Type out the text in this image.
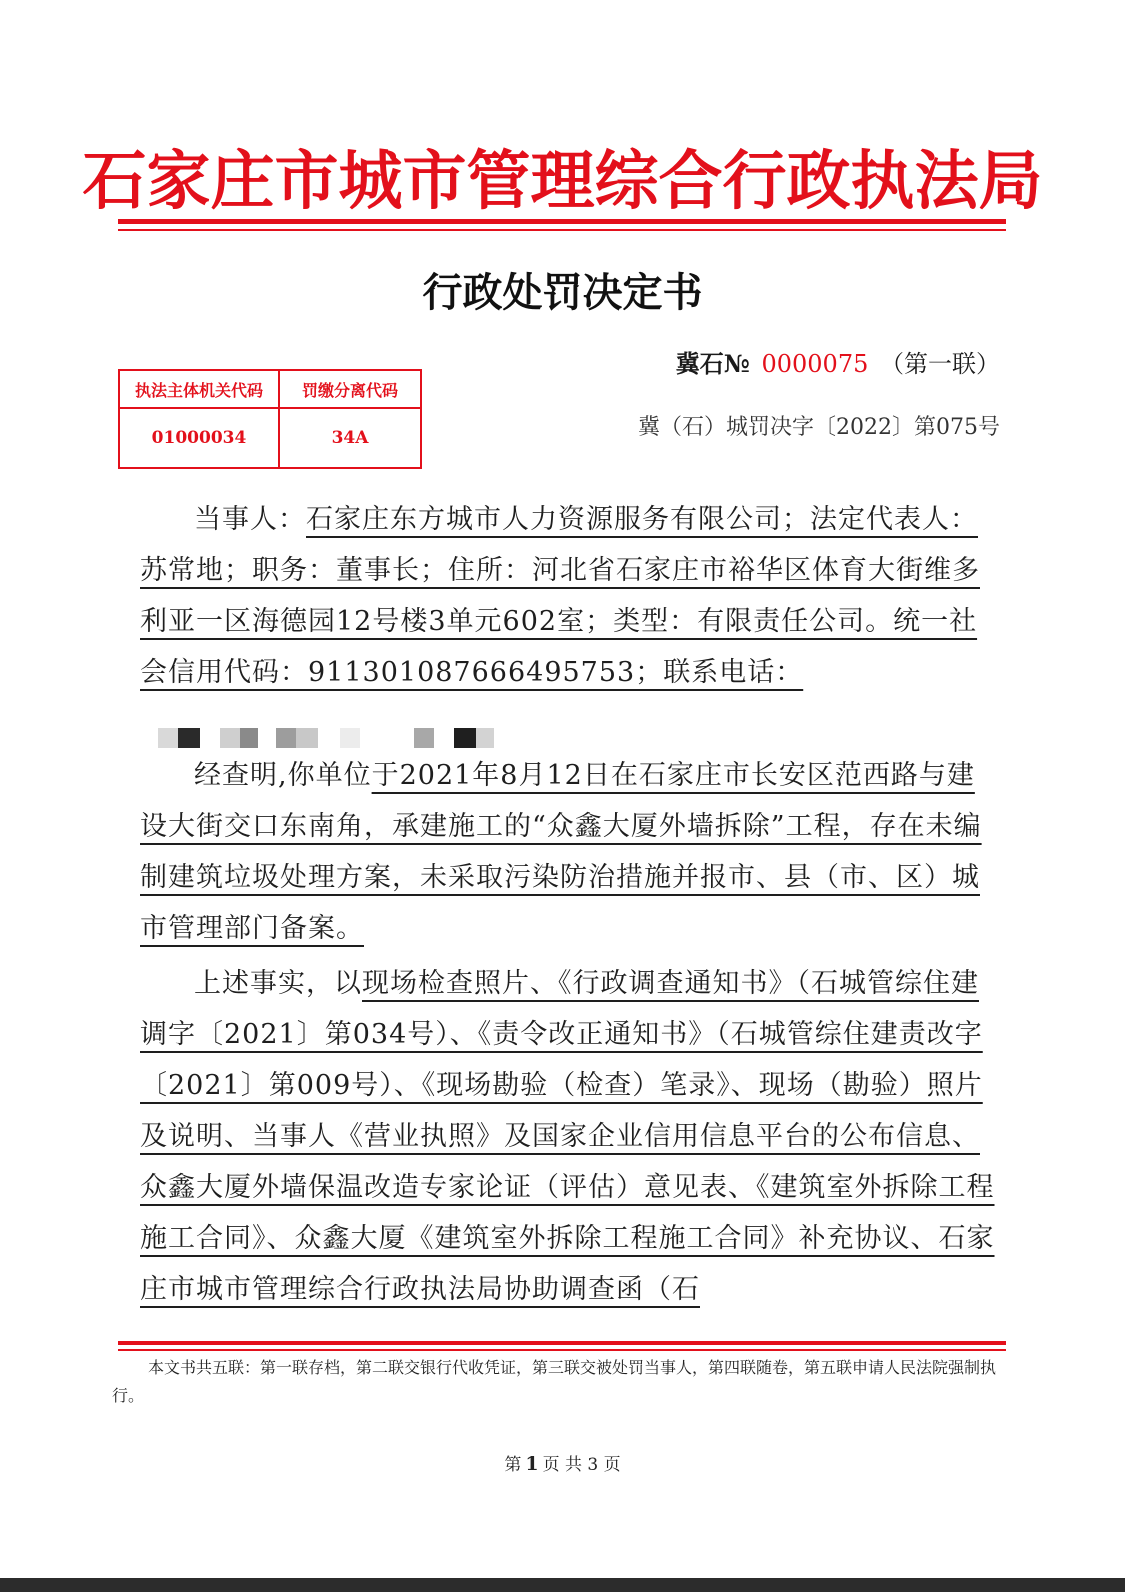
石家庄市城市管理综合行政执法局
行政处罚决定书
冀石№ 0000075 （第一联）
冀（石）城罚决字〔2022〕第075号
执法主体机关代码	罚缴分离代码
01000034	34A

当事人：石家庄东方城市人力资源服务有限公司；法定代表人：苏常地；职务：董事长；住所：河北省石家庄市裕华区体育大街维多利亚一区海德园12号楼3单元602室；类型：有限责任公司。统一社会信用代码：911301087666495753；联系电话：

经查明,你单位于2021年8月12日在石家庄市长安区范西路与建设大街交口东南角，承建施工的“众鑫大厦外墙拆除”工程，存在未编制建筑垃圾处理方案，未采取污染防治措施并报市、县（市、区）城市管理部门备案。

上述事实，以现场检查照片、《行政调查通知书》（石城管综住建调字〔2021〕第034号）、《责令改正通知书》（石城管综住建责改字〔2021〕第009号）、《现场勘验（检查）笔录》、现场（勘验）照片及说明、当事人《营业执照》及国家企业信用信息平台的公布信息、众鑫大厦外墙保温改造专家论证（评估）意见表、《建筑室外拆除工程施工合同》、众鑫大厦《建筑室外拆除工程施工合同》补充协议、石家庄市城市管理综合行政执法局协助调查函（石

本文书共五联：第一联存档，第二联交银行代收凭证，第三联交被处罚当事人，第四联随卷，第五联申请人民法院强制执行。
第 1 页 共 3 页
